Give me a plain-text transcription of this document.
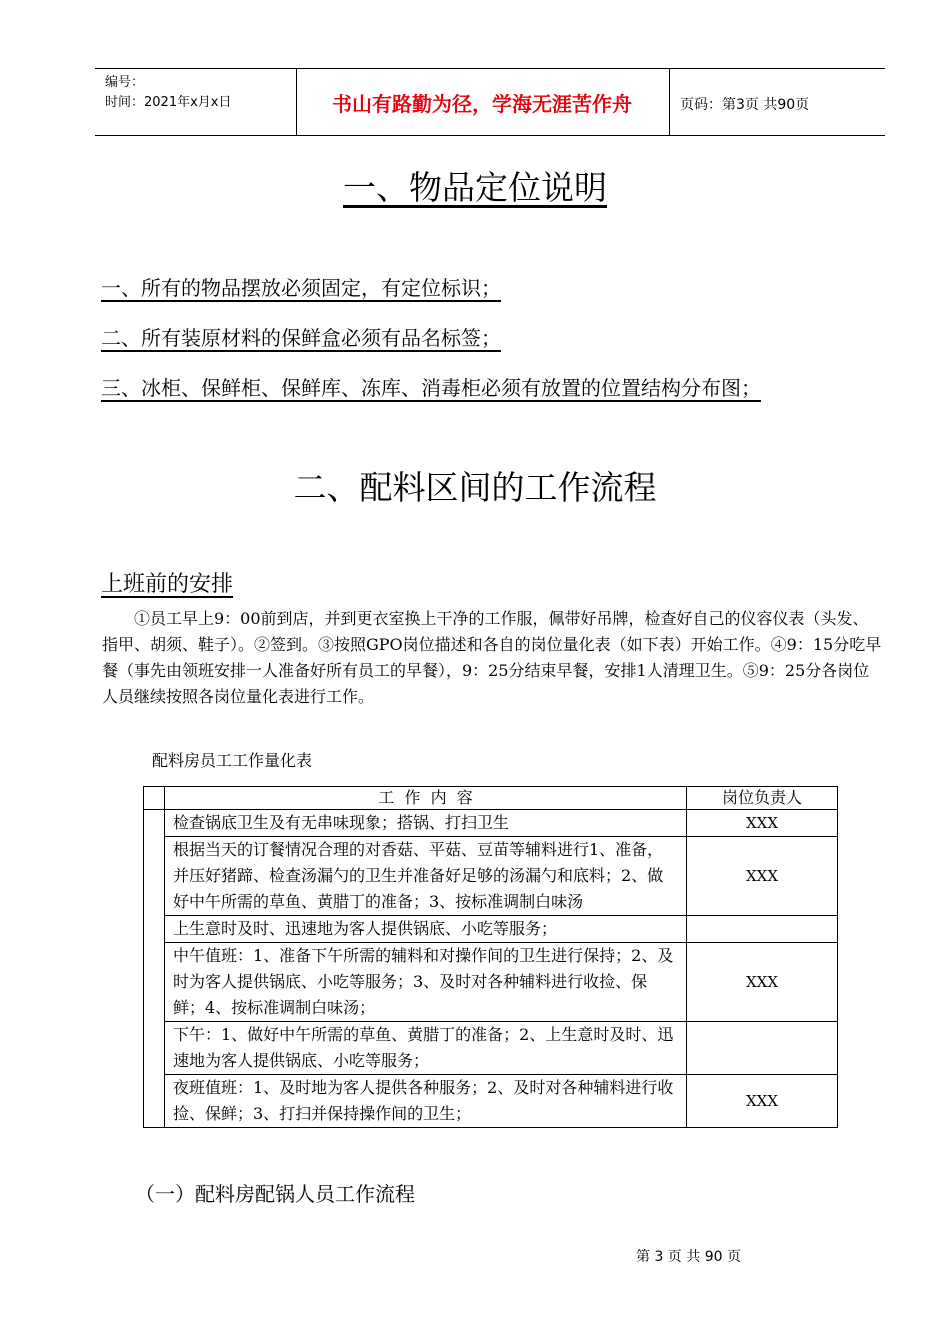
编号：
时间：2021年x月x日	书山有路勤为径，学海无涯苦作舟	页码：第3页 共90页
一、物品定位说明
一、所有的物品摆放必须固定，有定位标识；
二、所有装原材料的保鲜盒必须有品名标签；
三、冰柜、保鲜柜、保鲜库、冻库、消毒柜必须有放置的位置结构分布图；
二、配料区间的工作流程
上班前的安排
①员工早上9：00前到店，并到更衣室换上干净的工作服，佩带好吊牌，检查好自己的仪容仪表（头发、指甲、胡须、鞋子）。②签到。③按照GPO岗位描述和各自的岗位量化表（如下表）开始工作。④9：15分吃早餐（事先由领班安排一人准备好所有员工的早餐），9：25分结束早餐，安排1人清理卫生。⑤9：25分各岗位人员继续按照各岗位量化表进行工作。
配料房员工工作量化表
	工  作  内  容	岗位负责人
	检查锅底卫生及有无串味现象；搭锅、打扫卫生	XXX
	根据当天的订餐情况合理的对香菇、平菇、豆苗等辅料进行1、准备，并压好猪蹄、检查汤漏勺的卫生并准备好足够的汤漏勺和底料；2、做好中午所需的草鱼、黄腊丁的准备；3、按标准调制白味汤	XXX
	上生意时及时、迅速地为客人提供锅底、小吃等服务；	
	中午值班：1、准备下午所需的辅料和对操作间的卫生进行保持；2、及时为客人提供锅底、小吃等服务；3、及时对各种辅料进行收捡、保鲜；4、按标准调制白味汤；	XXX
	下午：1、做好中午所需的草鱼、黄腊丁的准备；2、上生意时及时、迅速地为客人提供锅底、小吃等服务；	
	夜班值班：1、及时地为客人提供各种服务；2、及时对各种辅料进行收捡、保鲜；3、打扫并保持操作间的卫生；	XXX
（一）配料房配锅人员工作流程
第 3 页 共 90 页
